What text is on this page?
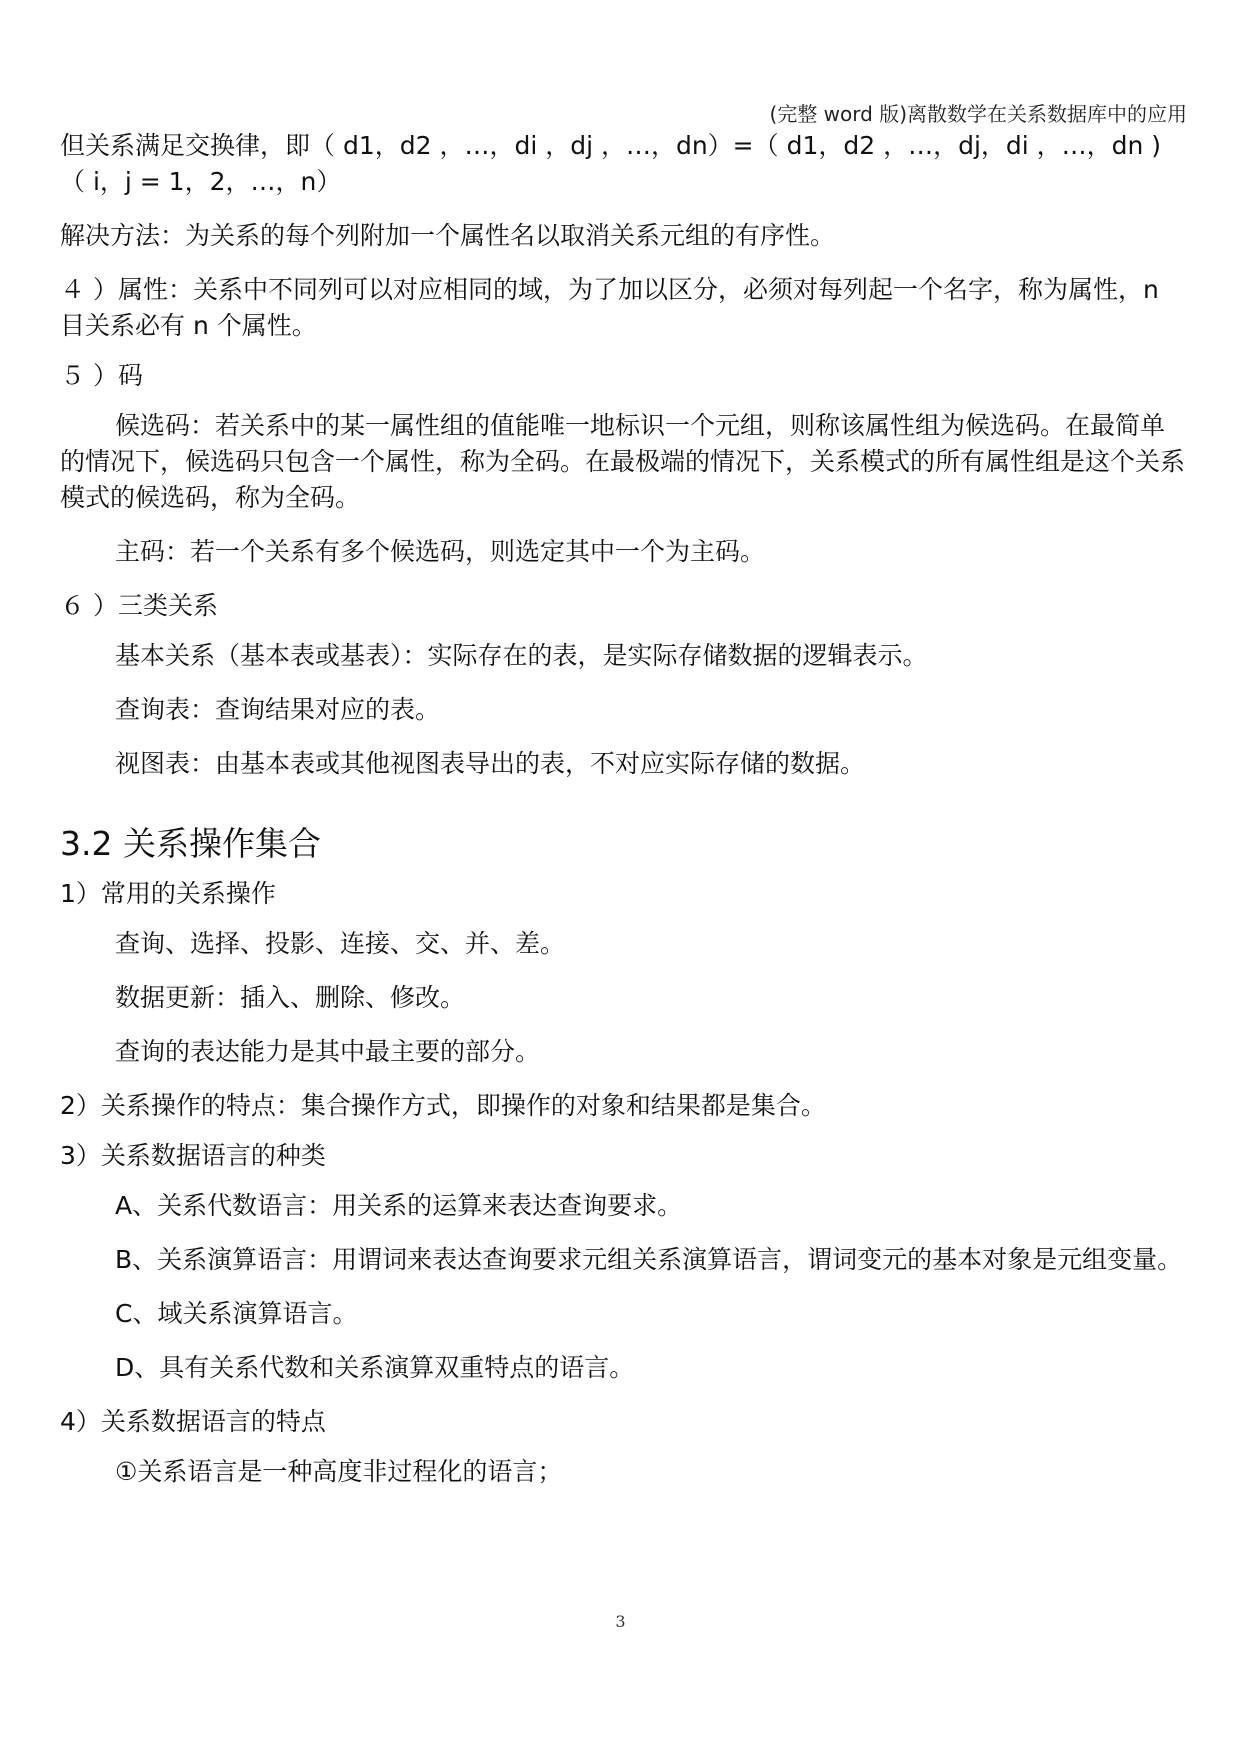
(完整 word 版)离散数学在关系数据库中的应用
但关系满足交换律，即（ d1，d2 ，…，di ，dj ，…，dn）=（ d1，d2 ，…，dj，di ，…，dn )（ i，j = 1，2，…，n）
解决方法：为关系的每个列附加一个属性名以取消关系元组的有序性。
４ ）属性：关系中不同列可以对应相同的域，为了加以区分，必须对每列起一个名字，称为属性，n 目关系必有 n 个属性。
５ ）码
候选码：若关系中的某一属性组的值能唯一地标识一个元组，则称该属性组为候选码。在最简单的情况下，候选码只包含一个属性，称为全码。在最极端的情况下，关系模式的所有属性组是这个关系模式的候选码，称为全码。
主码：若一个关系有多个候选码，则选定其中一个为主码。
６ ）三类关系
基本关系（基本表或基表）：实际存在的表，是实际存储数据的逻辑表示。
查询表：查询结果对应的表。
视图表：由基本表或其他视图表导出的表，不对应实际存储的数据。
3.2 关系操作集合
1）常用的关系操作
查询、选择、投影、连接、交、并、差。
数据更新：插入、删除、修改。
查询的表达能力是其中最主要的部分。
2）关系操作的特点：集合操作方式，即操作的对象和结果都是集合。
3）关系数据语言的种类
A、关系代数语言：用关系的运算来表达查询要求。
B、关系演算语言：用谓词来表达查询要求元组关系演算语言，谓词变元的基本对象是元组变量。
C、域关系演算语言。
D、具有关系代数和关系演算双重特点的语言。
4）关系数据语言的特点
①关系语言是一种高度非过程化的语言；
3
